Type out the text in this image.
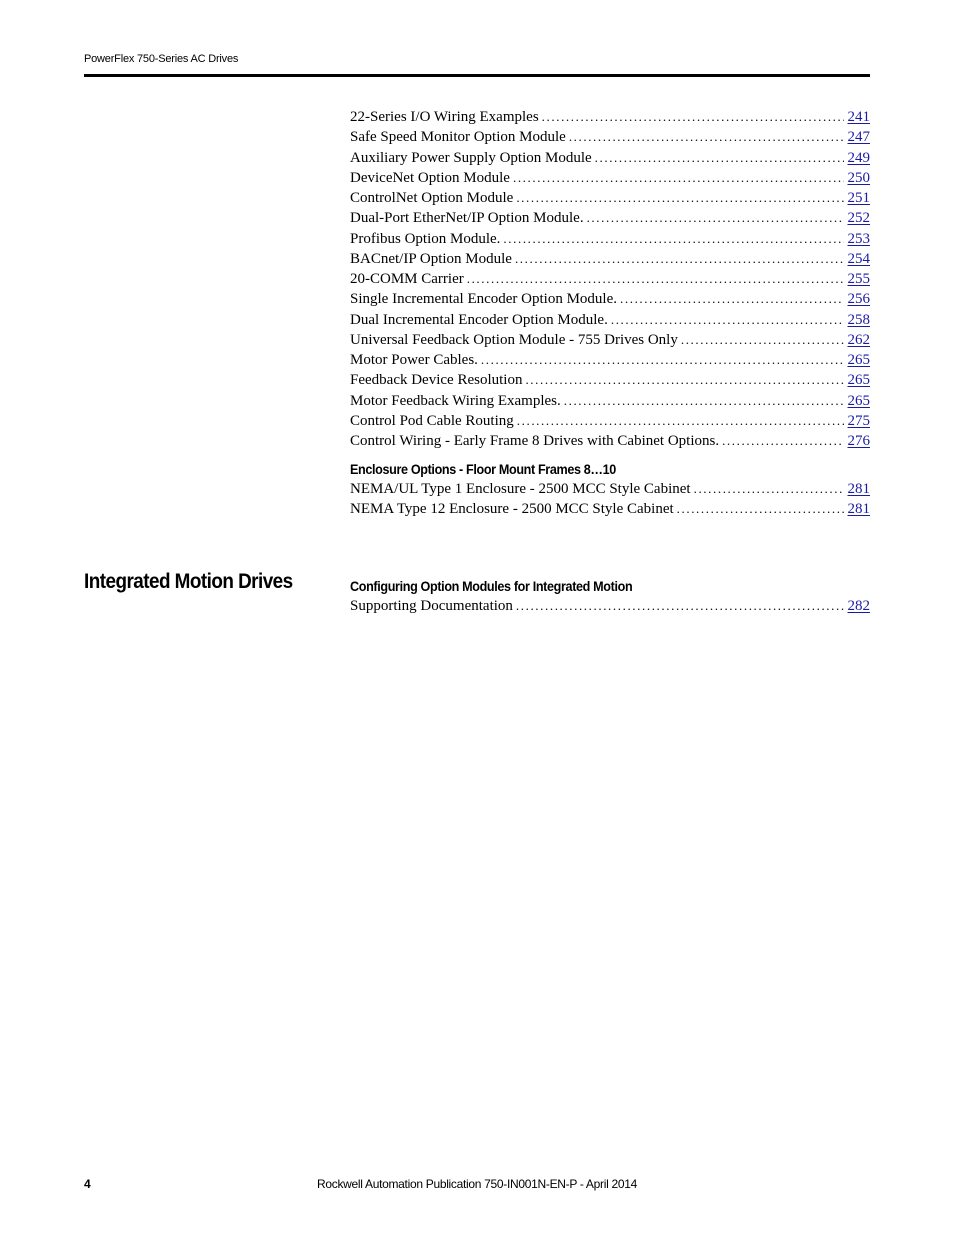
PowerFlex 750-Series AC Drives
22-Series I/O Wiring Examples .....	241
Safe Speed Monitor Option Module .....	247
Auxiliary Power Supply Option Module .....	249
DeviceNet Option Module .....	250
ControlNet Option Module .....	251
Dual-Port EtherNet/IP Option Module. .....	252
Profibus Option Module. .....	253
BACnet/IP Option Module .....	254
20-COMM Carrier .....	255
Single Incremental Encoder Option Module. .....	256
Dual Incremental Encoder Option Module. .....	258
Universal Feedback Option Module - 755 Drives Only .....	262
Motor Power Cables. .....	265
Feedback Device Resolution .....	265
Motor Feedback Wiring Examples. .....	265
Control Pod Cable Routing .....	275
Control Wiring - Early Frame 8 Drives with Cabinet Options. .....	276
Enclosure Options - Floor Mount Frames 8…10
NEMA/UL Type 1 Enclosure - 2500 MCC Style Cabinet .....	281
NEMA Type 12 Enclosure - 2500 MCC Style Cabinet .....	281
Integrated Motion Drives	Configuring Option Modules for Integrated Motion
Supporting Documentation .....	282
4	Rockwell Automation Publication 750-IN001N-EN-P - April 2014
